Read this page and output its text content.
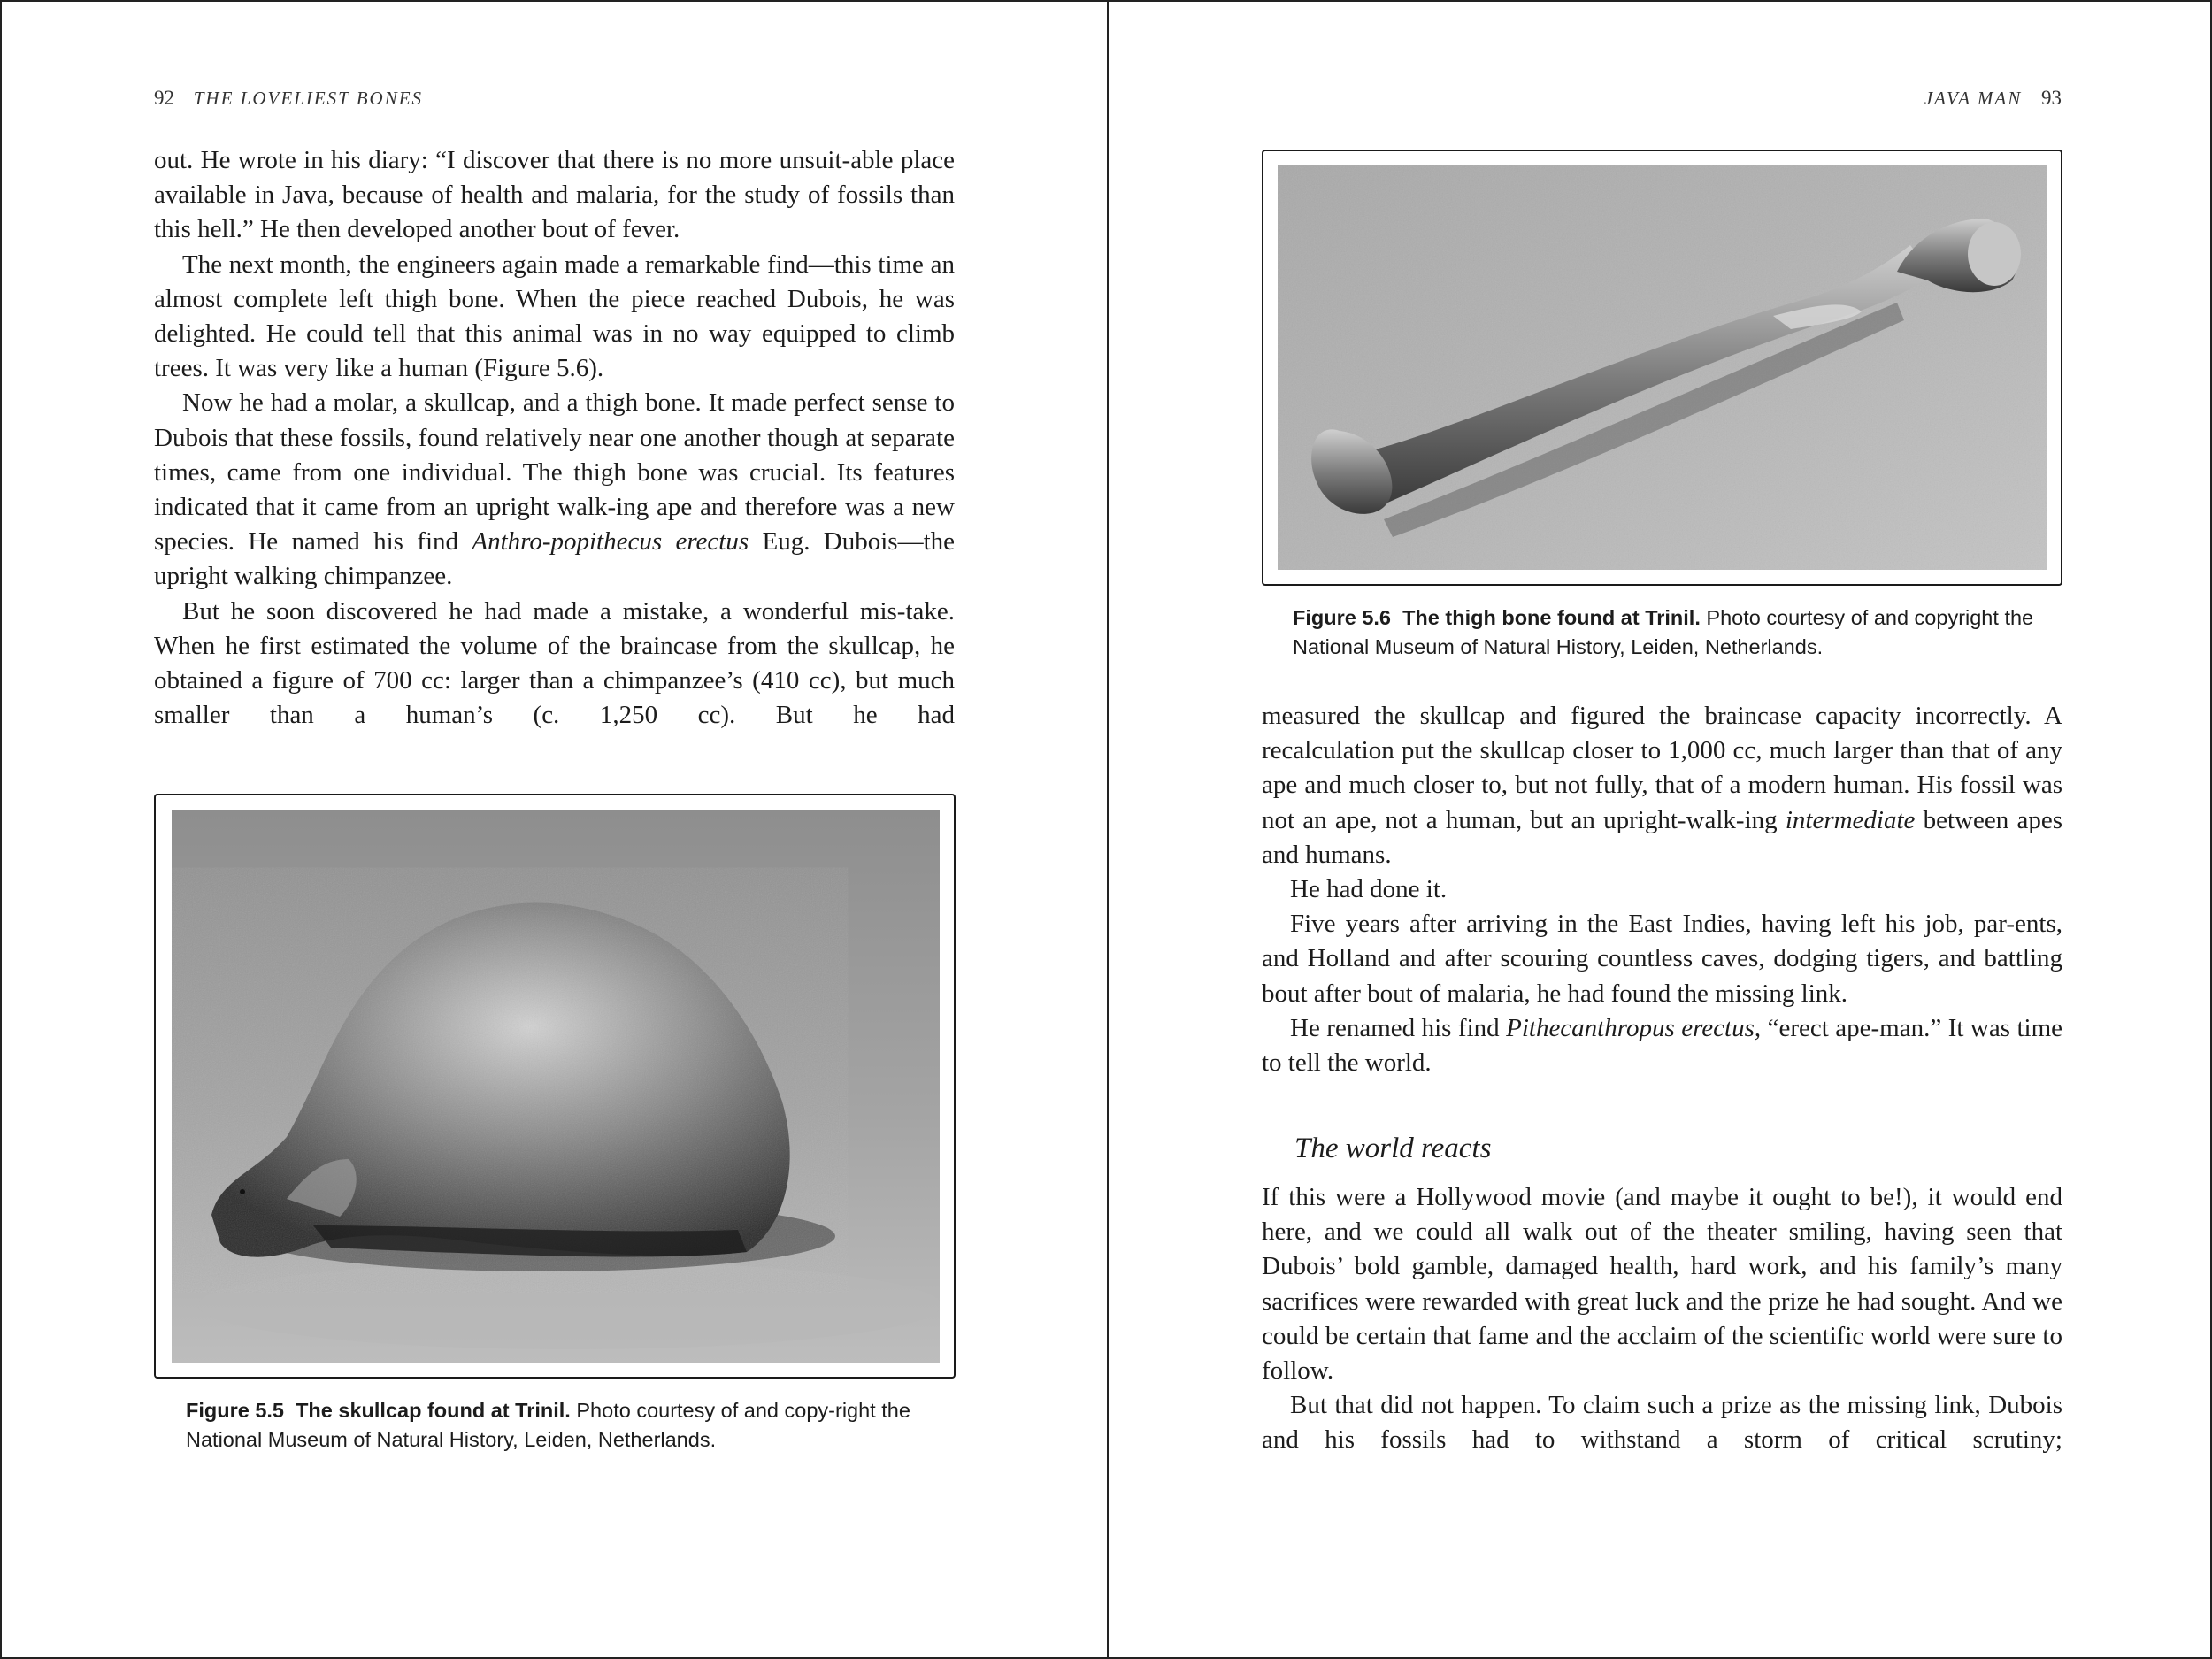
92 THE LOVELIEST BONES

out. He wrote in his diary: “I discover that there is no more unsuit-able place available in Java, because of health and malaria, for the study of fossils than this hell.” He then developed another bout of fever.

The next month, the engineers again made a remarkable find—this time an almost complete left thigh bone. When the piece reached Dubois, he was delighted. He could tell that this animal was in no way equipped to climb trees. It was very like a human (Figure 5.6).

Now he had a molar, a skullcap, and a thigh bone. It made perfect sense to Dubois that these fossils, found relatively near one another though at separate times, came from one individual. The thigh bone was crucial. Its features indicated that it came from an upright walk-ing ape and therefore was a new species. He named his find Anthro-popithecus erectus Eug. Dubois—the upright walking chimpanzee.

But he soon discovered he had made a mistake, a wonderful mis-take. When he first estimated the volume of the braincase from the skullcap, he obtained a figure of 700 cc: larger than a chimpanzee’s (410 cc), but much smaller than a human’s (c. 1,250 cc). But he had

Figure 5.5 The skullcap found at Trinil. Photo courtesy of and copy-right the National Museum of Natural History, Leiden, Netherlands.
JAVA MAN 93
Figure 5.6 The thigh bone found at Trinil. Photo courtesy of and copyright the National Museum of Natural History, Leiden, Netherlands.

measured the skullcap and figured the braincase capacity incorrectly. A recalculation put the skullcap closer to 1,000 cc, much larger than that of any ape and much closer to, but not fully, that of a modern human. His fossil was not an ape, not a human, but an upright-walk-ing intermediate between apes and humans.

He had done it.

Five years after arriving in the East Indies, having left his job, par-ents, and Holland and after scouring countless caves, dodging tigers, and battling bout after bout of malaria, he had found the missing link.

He renamed his find Pithecanthropus erectus, “erect ape-man.” It was time to tell the world.

The world reacts

If this were a Hollywood movie (and maybe it ought to be!), it would end here, and we could all walk out of the theater smiling, having seen that Dubois’ bold gamble, damaged health, hard work, and his family’s many sacrifices were rewarded with great luck and the prize he had sought. And we could be certain that fame and the acclaim of the scientific world were sure to follow.

But that did not happen. To claim such a prize as the missing link, Dubois and his fossils had to withstand a storm of critical scrutiny;
